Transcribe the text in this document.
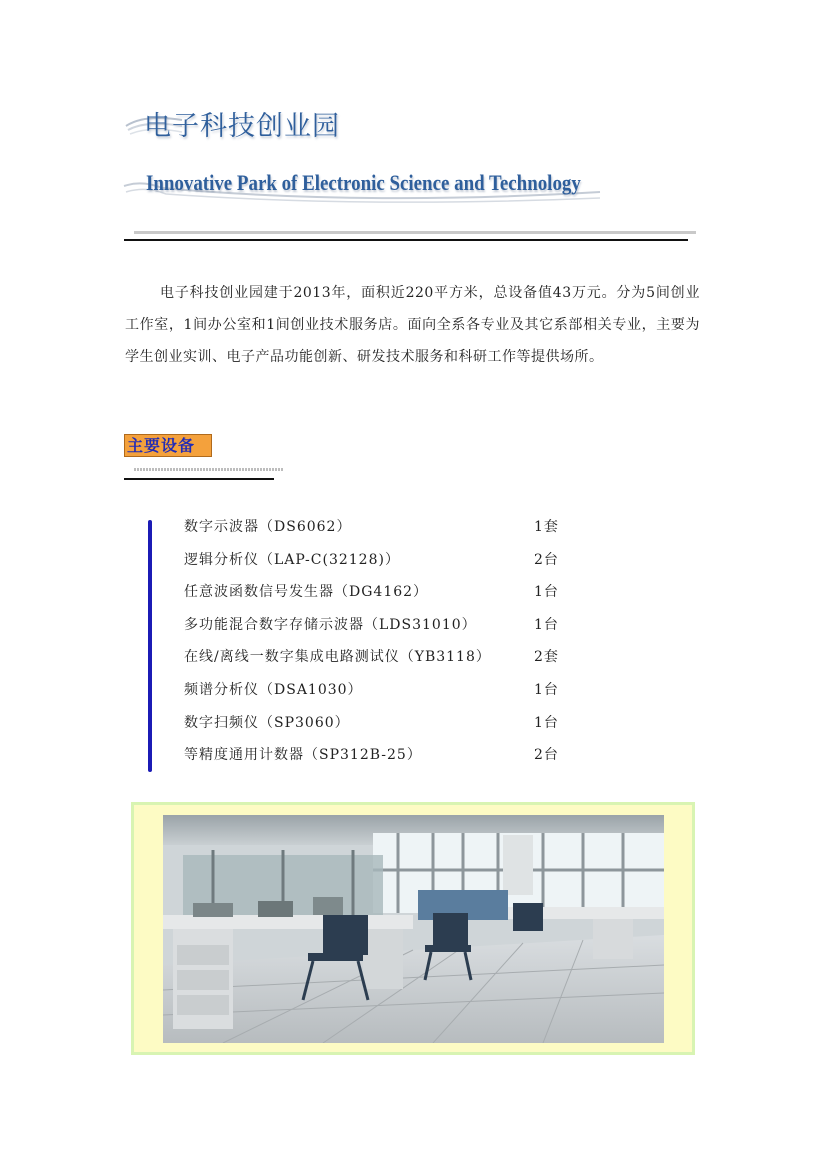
电子科技创业园
Innovative Park of Electronic Science and Technology

电子科技创业园建于2013年，面积近220平方米，总设备值43万元。分为5间创业工作室，1间办公室和1间创业技术服务店。面向全系各专业及其它系部相关专业，主要为学生创业实训、电子产品功能创新、研发技术服务和科研工作等提供场所。

主要设备
数字示波器（DS6062）	1套
逻辑分析仪（LAP-C(32128)）	2台
任意波函数信号发生器（DG4162）	1台
多功能混合数字存储示波器（LDS31010）	1台
在线/离线一数字集成电路测试仪（YB3118）	2套
频谱分析仪（DSA1030）	1台
数字扫频仪（SP3060）	1台
等精度通用计数器（SP312B-25）	2台
